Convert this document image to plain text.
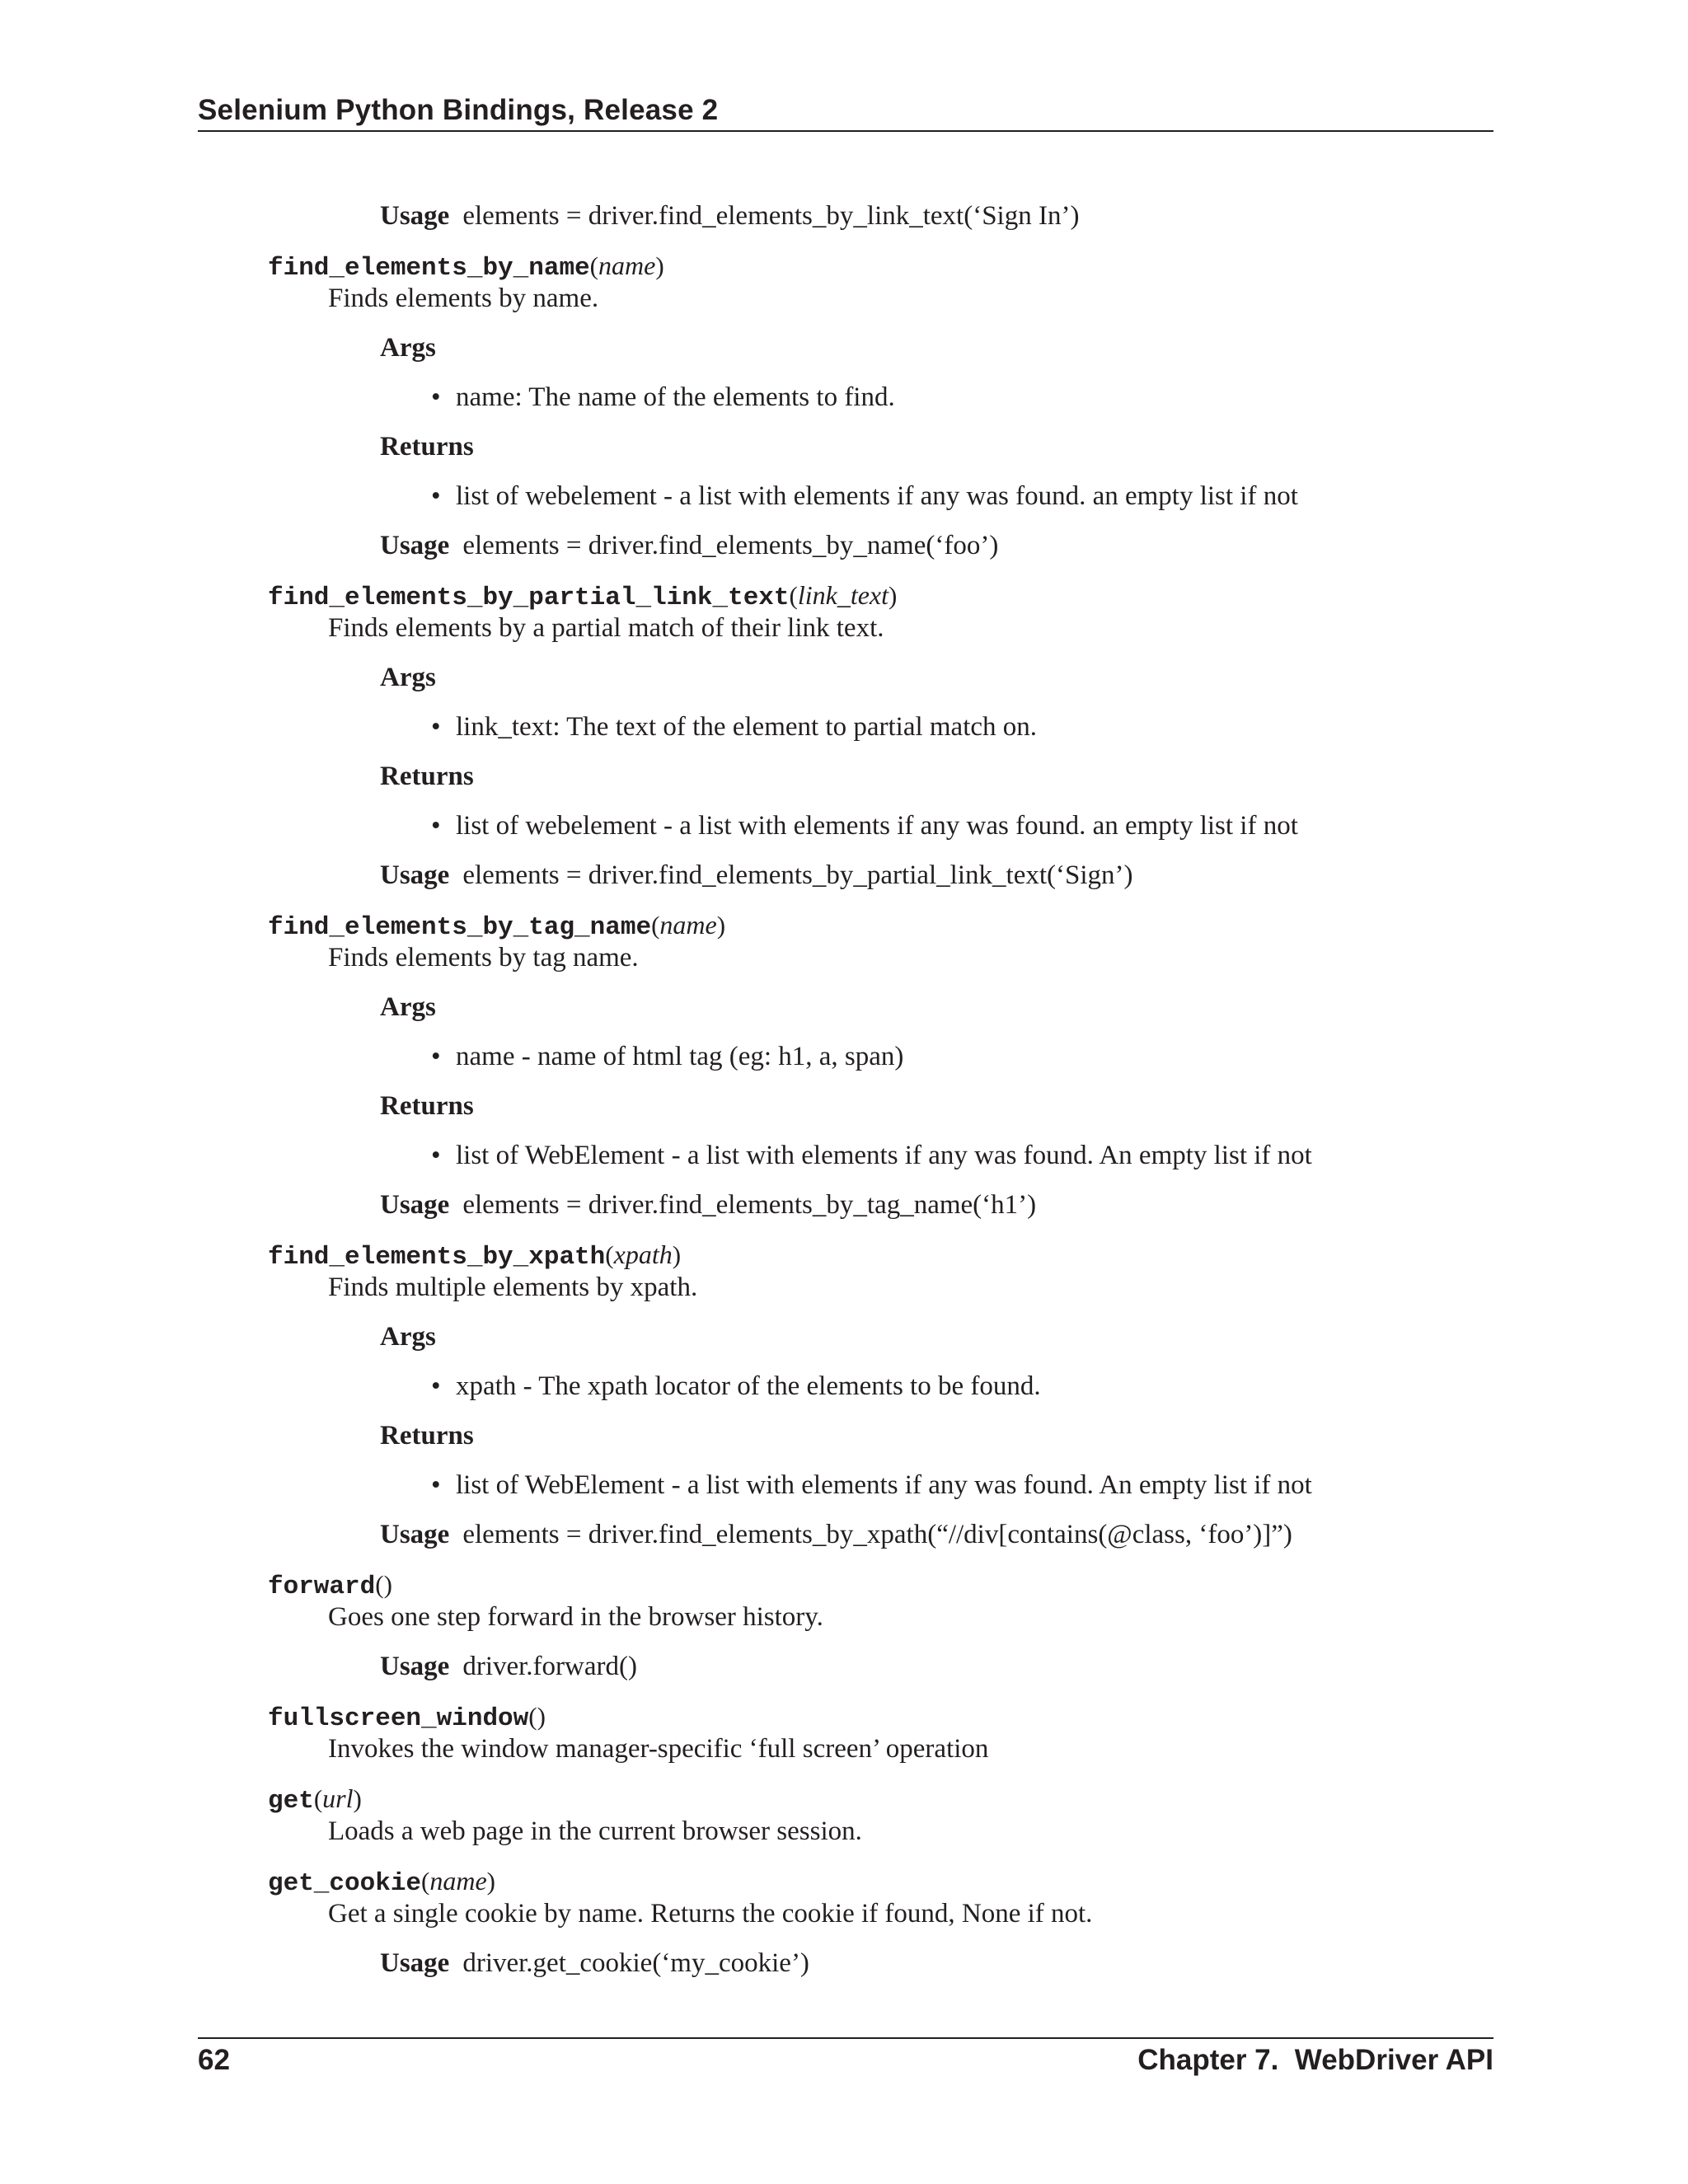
Selenium Python Bindings, Release 2
Usage elements = driver.find_elements_by_link_text(‘Sign In’)
find_elements_by_name(name)
Finds elements by name.
Args
• name: The name of the elements to find.
Returns
• list of webelement - a list with elements if any was found. an empty list if not
Usage elements = driver.find_elements_by_name(‘foo’)
find_elements_by_partial_link_text(link_text)
Finds elements by a partial match of their link text.
Args
• link_text: The text of the element to partial match on.
Returns
• list of webelement - a list with elements if any was found. an empty list if not
Usage elements = driver.find_elements_by_partial_link_text(‘Sign’)
find_elements_by_tag_name(name)
Finds elements by tag name.
Args
• name - name of html tag (eg: h1, a, span)
Returns
• list of WebElement - a list with elements if any was found. An empty list if not
Usage elements = driver.find_elements_by_tag_name(‘h1’)
find_elements_by_xpath(xpath)
Finds multiple elements by xpath.
Args
• xpath - The xpath locator of the elements to be found.
Returns
• list of WebElement - a list with elements if any was found. An empty list if not
Usage elements = driver.find_elements_by_xpath(“//div[contains(@class, ‘foo’)]”)
forward()
Goes one step forward in the browser history.
Usage driver.forward()
fullscreen_window()
Invokes the window manager-specific ‘full screen’ operation
get(url)
Loads a web page in the current browser session.
get_cookie(name)
Get a single cookie by name. Returns the cookie if found, None if not.
Usage driver.get_cookie(‘my_cookie’)
62	Chapter 7.  WebDriver API
